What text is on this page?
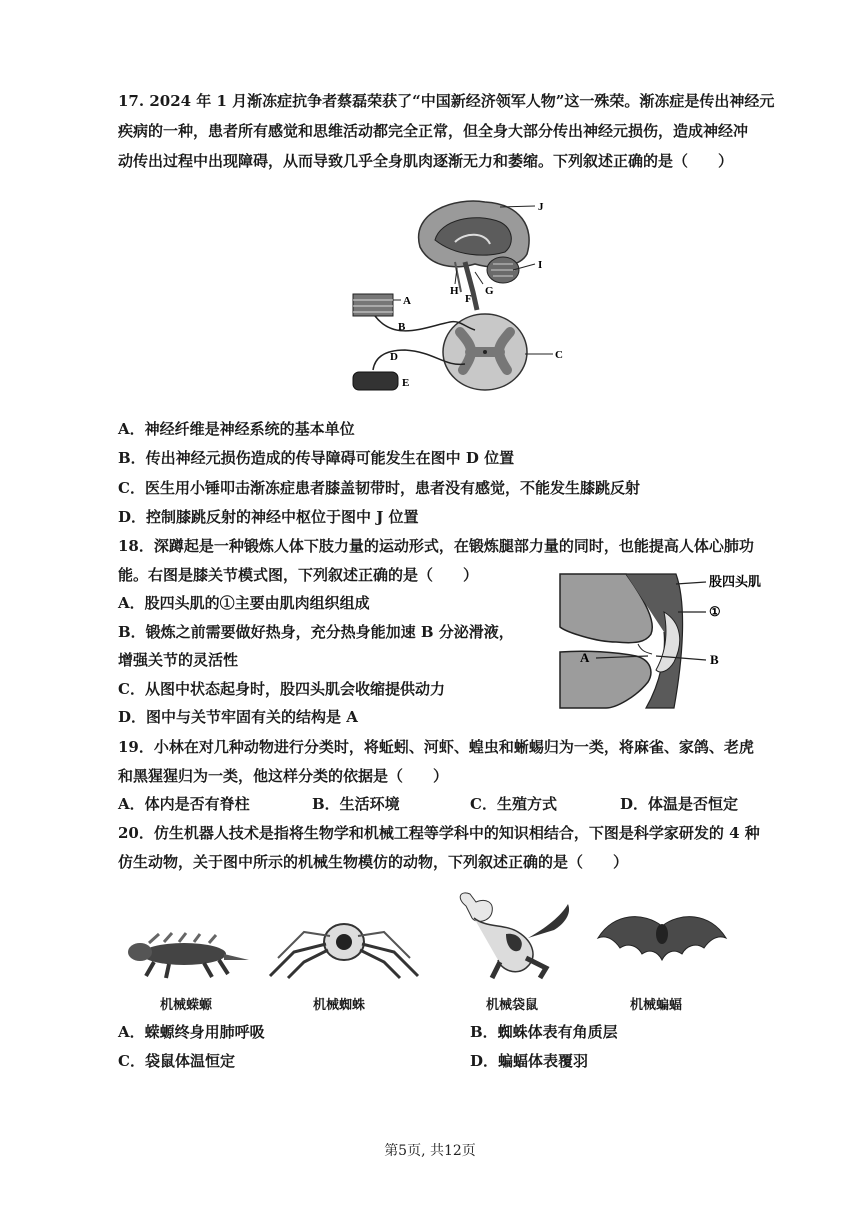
17. 2024 年 1 月渐冻症抗争者蔡磊荣获了“中国新经济领军人物”这一殊荣。渐冻症是传出神经元
疾病的一种，患者所有感觉和思维活动都完全正常，但全身大部分传出神经元损伤，造成神经冲
动传出过程中出现障碍，从而导致几乎全身肌肉逐渐无力和萎缩。下列叙述正确的是（　　）
J
I
H G
F
C
A
B
D
E
A．神经纤维是神经系统的基本单位
B．传出神经元损伤造成的传导障碍可能发生在图中 D 位置
C．医生用小锤叩击渐冻症患者膝盖韧带时，患者没有感觉，不能发生膝跳反射
D．控制膝跳反射的神经中枢位于图中 J 位置
18．深蹲起是一种锻炼人体下肢力量的运动形式，在锻炼腿部力量的同时，也能提高人体心肺功
能。右图是膝关节模式图，下列叙述正确的是（　　）
A．股四头肌的①主要由肌肉组织组成
B．锻炼之前需要做好热身，充分热身能加速 B 分泌滑液，
增强关节的灵活性
C．从图中状态起身时，股四头肌会收缩提供动力
D．图中与关节牢固有关的结构是 A
股四头肌
①
A	B
19．小林在对几种动物进行分类时，将蚯蚓、河虾、蝗虫和蜥蜴归为一类，将麻雀、家鸽、老虎
和黑猩猩归为一类，他这样分类的依据是（　　）
A．体内是否有脊柱	B．生活环境	C．生殖方式	D．体温是否恒定
20．仿生机器人技术是指将生物学和机械工程等学科中的知识相结合，下图是科学家研发的 4 种
仿生动物，关于图中所示的机械生物模仿的动物，下列叙述正确的是（　　）
机械蝾螈	机械蜘蛛	机械袋鼠	机械蝙蝠
A．蝾螈终身用肺呼吸	B．蜘蛛体表有角质层
C．袋鼠体温恒定	D．蝙蝠体表覆羽
第5页, 共12页
